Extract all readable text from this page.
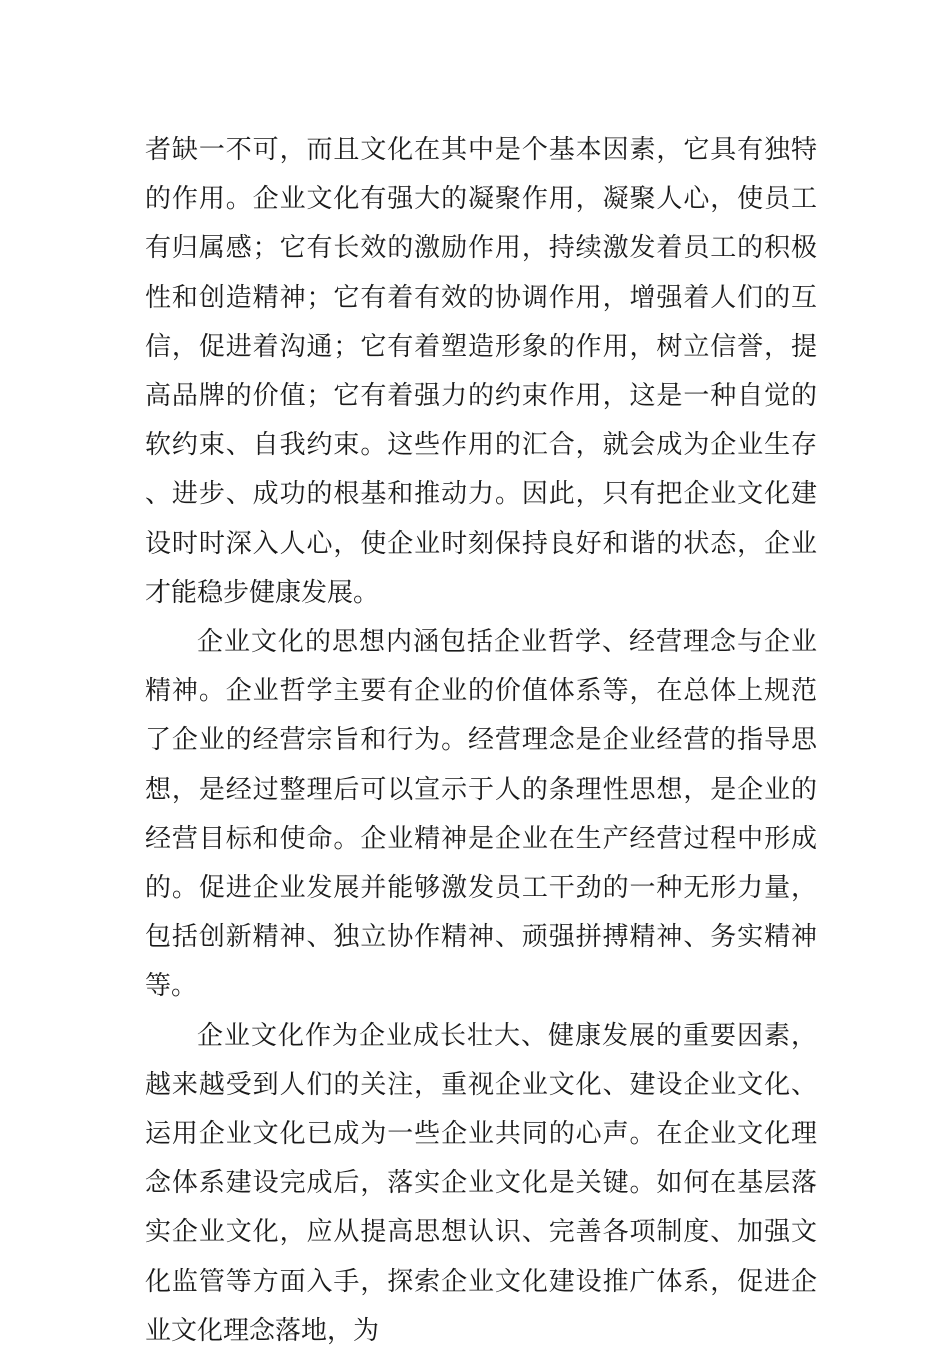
者缺一不可，而且文化在其中是个基本因素，它具有独特的作用。企业文化有强大的凝聚作用，凝聚人心，使员工有归属感；它有长效的激励作用，持续激发着员工的积极性和创造精神；它有着有效的协调作用，增强着人们的互信，促进着沟通；它有着塑造形象的作用，树立信誉，提高品牌的价值；它有着强力的约束作用，这是一种自觉的软约束、自我约束。这些作用的汇合，就会成为企业生存、进步、成功的根基和推动力。因此，只有把企业文化建设时时深入人心，使企业时刻保持良好和谐的状态，企业才能稳步健康发展。

企业文化的思想内涵包括企业哲学、经营理念与企业精神。企业哲学主要有企业的价值体系等，在总体上规范了企业的经营宗旨和行为。经营理念是企业经营的指导思想，是经过整理后可以宣示于人的条理性思想，是企业的经营目标和使命。企业精神是企业在生产经营过程中形成的。促进企业发展并能够激发员工干劲的一种无形力量，包括创新精神、独立协作精神、顽强拼搏精神、务实精神等。

企业文化作为企业成长壮大、健康发展的重要因素，越来越受到人们的关注，重视企业文化、建设企业文化、运用企业文化已成为一些企业共同的心声。在企业文化理念体系建设完成后，落实企业文化是关键。如何在基层落实企业文化，应从提高思想认识、完善各项制度、加强文化监管等方面入手，探索企业文化建设推广体系，促进企业文化理念落地，为
